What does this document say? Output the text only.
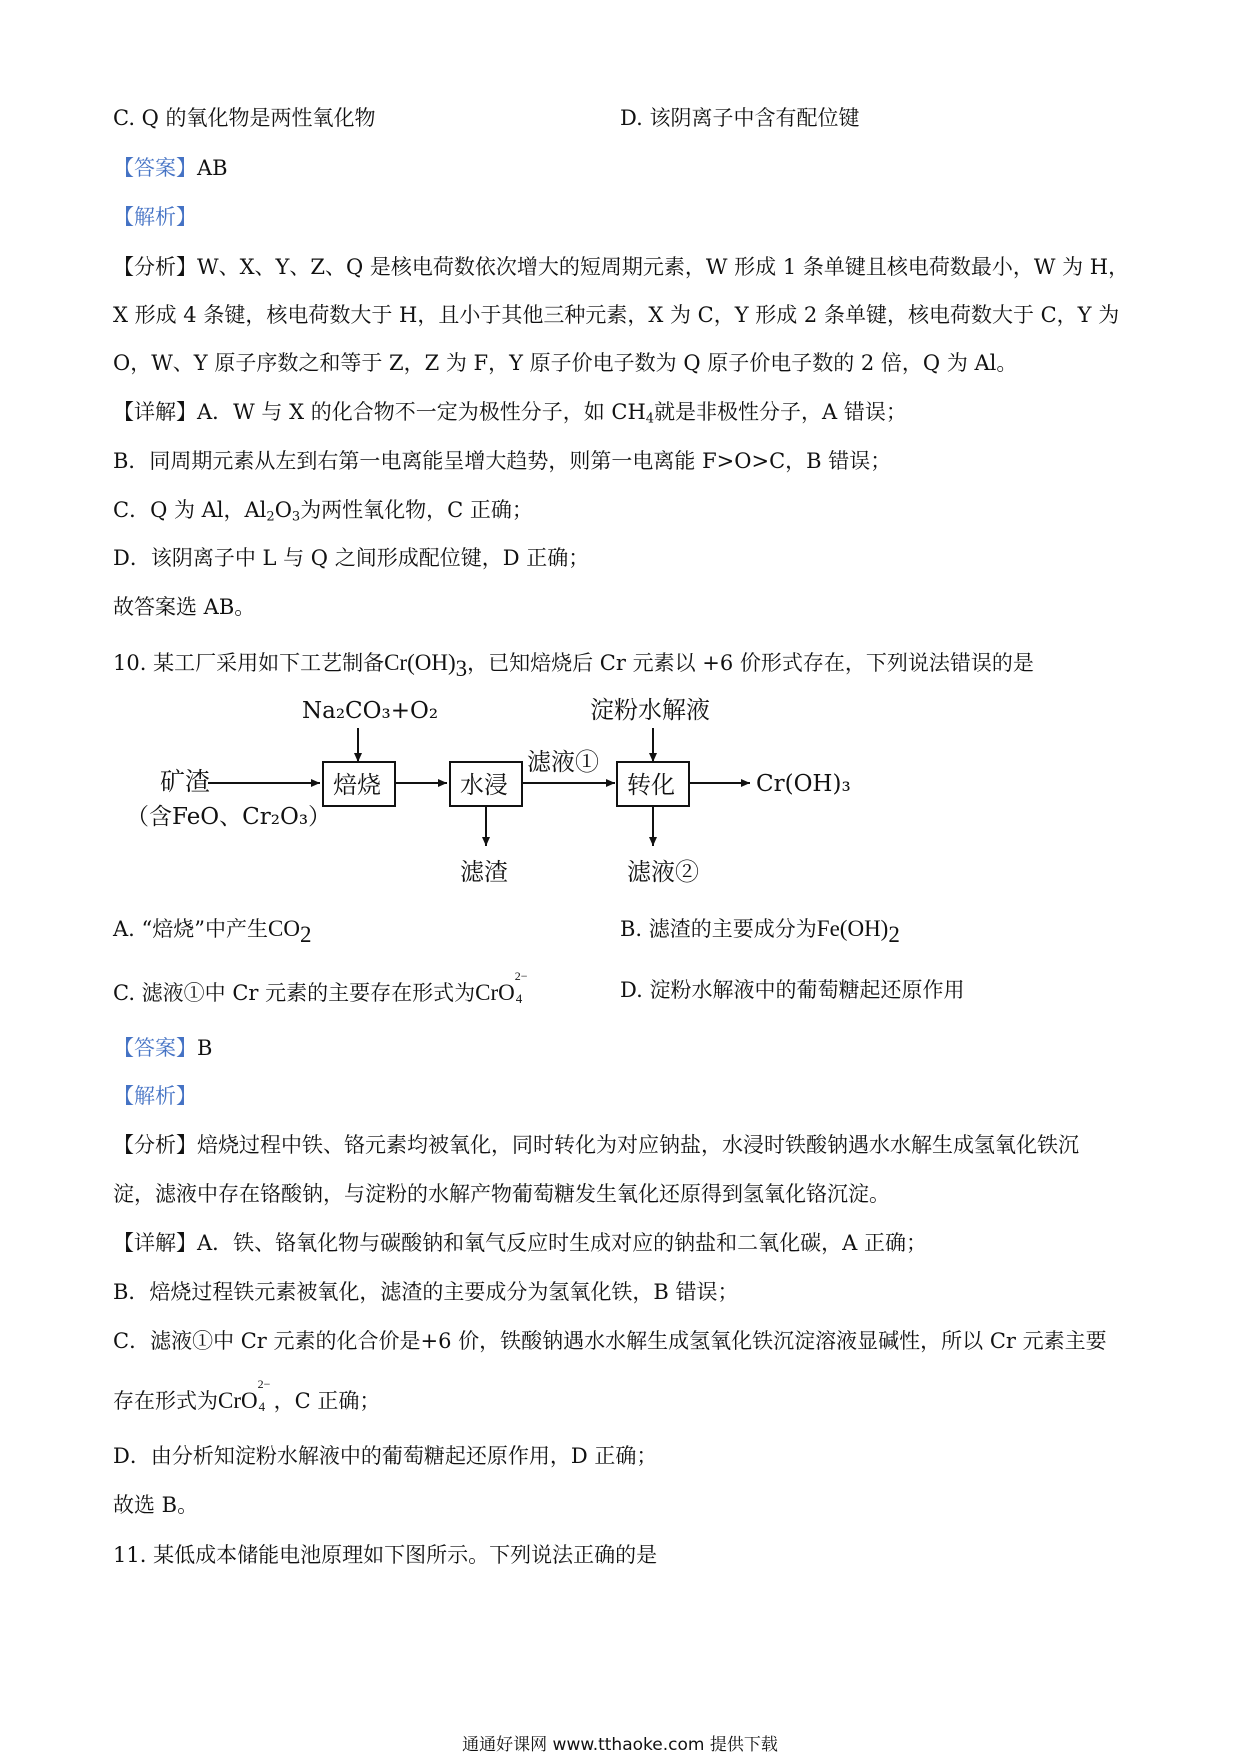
C. Q 的氧化物是两性氧化物	D. 该阴离子中含有配位键
【答案】AB
【解析】
【分析】W、X、Y、Z、Q 是核电荷数依次增大的短周期元素，W 形成 1 条单键且核电荷数最小，W 为 H，
X 形成 4 条键，核电荷数大于 H，且小于其他三种元素，X 为 C，Y 形成 2 条单键，核电荷数大于 C，Y 为
O，W、Y 原子序数之和等于 Z，Z 为 F，Y 原子价电子数为 Q 原子价电子数的 2 倍，Q 为 Al。
【详解】A．W 与 X 的化合物不一定为极性分子，如 $CH_4$就是非极性分子，A 错误；
B．同周期元素从左到右第一电离能呈增大趋势，则第一电离能 F>O>C，B 错误；
C．Q 为 Al，$Al_2O_3$为两性氧化物，C 正确；
D．该阴离子中 L 与 Q 之间形成配位键，D 正确；
故答案选 AB。
10. 某工厂采用如下工艺制备Cr(OH)3，已知焙烧后 Cr 元素以 +6 价形式存在，下列说法错误的是
矿渣
（含FeO、Cr₂O₃）
Na₂CO₃+O₂
焙烧	水浸
滤渣
滤液①
淀粉水解液
转化
滤液②
Cr(OH)₃
A. “焙烧”中产生CO2	B. 滤渣的主要成分为Fe(OH)2
C. 滤液①中 Cr 元素的主要存在形式为CrO
2−
4	D. 淀粉水解液中的葡萄糖起还原作用
【答案】B
【解析】
【分析】焙烧过程中铁、铬元素均被氧化，同时转化为对应钠盐，水浸时铁酸钠遇水水解生成氢氧化铁沉
淀，滤液中存在铬酸钠，与淀粉的水解产物葡萄糖发生氧化还原得到氢氧化铬沉淀。
【详解】A．铁、铬氧化物与碳酸钠和氧气反应时生成对应的钠盐和二氧化碳，A 正确；
B．焙烧过程铁元素被氧化，滤渣的主要成分为氢氧化铁，B 错误；
C．滤液①中 Cr 元素的化合价是+6 价，铁酸钠遇水水解生成氢氧化铁沉淀溶液显碱性，所以 Cr 元素主要
存在形式为CrO
2−
4 ，C 正确；
D．由分析知淀粉水解液中的葡萄糖起还原作用，D 正确；
故选 B。
11. 某低成本储能电池原理如下图所示。下列说法正确的是
通通好课网 www.tthaoke.com 提供下载
